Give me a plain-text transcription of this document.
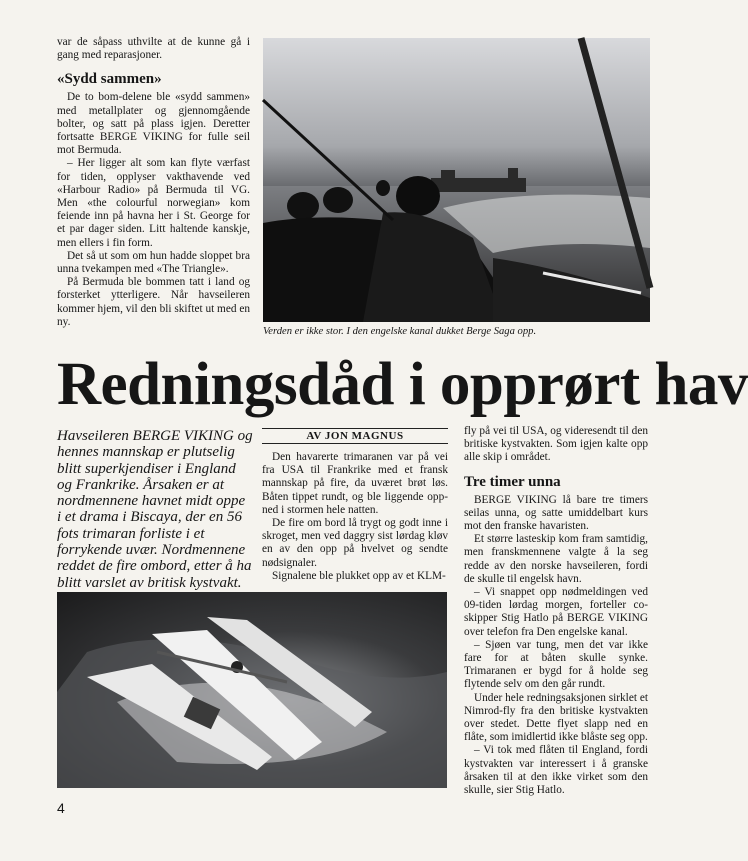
var de såpass uthvilte at de kunne gå i gang med reparasjoner.

«Sydd sammen»

De to bom-delene ble «sydd sammen» med metallplater og gjennomgående bolter, og satt på plass igjen. Deretter fortsatte BERGE VIKING for fulle seil mot Bermuda.

– Her ligger alt som kan flyte værfast for tiden, opplyser vakthavende ved «Harbour Radio» på Bermuda til VG. Men «the colourful norwegian» kom feiende inn på havna her i St. George for et par dager siden. Litt haltende kanskje, men ellers i fin form.

Det så ut som om hun hadde sloppet bra unna tvekampen med «The Triangle».

På Bermuda ble bommen tatt i land og forsterket ytterligere. Når havseileren kommer hjem, vil den bli skiftet ut med en ny.

Verden er ikke stor. I den engelske kanal dukket Berge Saga opp.
Redningsdåd i opprørt hav
Havseileren BERGE VIKING og hennes mannskap er plutselig blitt superkjendiser i England og Frankrike. Årsaken er at nordmennene havnet midt oppe i et drama i Biscaya, der en 56 fots trimaran forliste i et forrykende uvær. Nordmennene reddet de fire ombord, etter å ha blitt varslet av britisk kystvakt.
AV JON MAGNUS

Den havarerte trimaranen var på vei fra USA til Frankrike med et fransk mannskap på fire, da uværet brøt løs. Båten tippet rundt, og ble liggende opp-ned i stormen hele natten.

De fire om bord lå trygt og godt inne i skroget, men ved daggry sist lørdag kløv en av den opp på hvelvet og sendte nødsignaler.

Signalene ble plukket opp av et KLM-

fly på vei til USA, og videresendt til den britiske kystvakten. Som igjen kalte opp alle skip i området.

Tre timer unna

BERGE VIKING lå bare tre timers seilas unna, og satte umiddelbart kurs mot den franske havaristen.

Et større lasteskip kom fram samtidig, men franskmennene valgte å la seg redde av den norske havseileren, fordi de skulle til engelsk havn.

– Vi snappet opp nødmeldingen ved 09-tiden lørdag morgen, forteller co-skipper Stig Hatlo på BERGE VIKING over telefon fra Den engelske kanal.

– Sjøen var tung, men det var ikke fare for at båten skulle synke. Trimaranen er bygd for å holde seg flytende selv om den går rundt.

Under hele redningsaksjonen sirklet et Nimrod-fly fra den britiske kystvakten over stedet. Dette flyet slapp ned en flåte, som imidlertid ikke blåste seg opp.

– Vi tok med flåten til England, fordi kystvakten var interessert i å granske årsaken til at den ikke virket som den skulle, sier Stig Hatlo.

4
